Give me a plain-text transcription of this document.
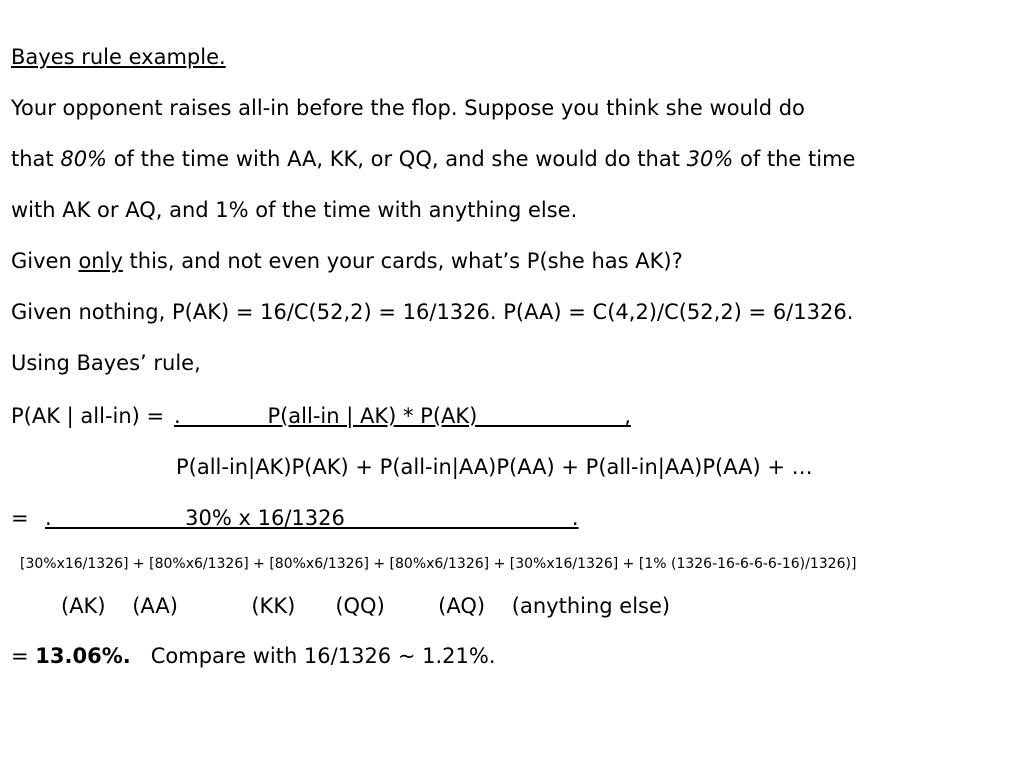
Bayes rule example.
Your opponent raises all-in before the flop. Suppose you think she would do
that 80% of the time with AA, KK, or QQ, and she would do that 30% of the time
with AK or AQ, and 1% of the time with anything else.
Given only this, and not even your cards, what’s P(she has AK)?
Given nothing, P(AK) = 16/C(52,2) = 16/1326. P(AA) = C(4,2)/C(52,2) = 6/1326.
Using Bayes’ rule,
P(AK | all-in) = .             P(all-in | AK) * P(AK)                      ,
P(all-in|AK)P(AK) + P(all-in|AA)P(AA) + P(all-in|AA)P(AA) + …
=
.                    30% x 16/1326                                  .
[30%x16/1326] + [80%x6/1326] + [80%x6/1326] + [80%x6/1326] + [30%x16/1326] + [1% (1326-16-6-6-6-16)/1326)]
(AK)    (AA)           (KK)      (QQ)        (AQ)    (anything else)
= 13.06%.   Compare with 16/1326 ~ 1.21%.
